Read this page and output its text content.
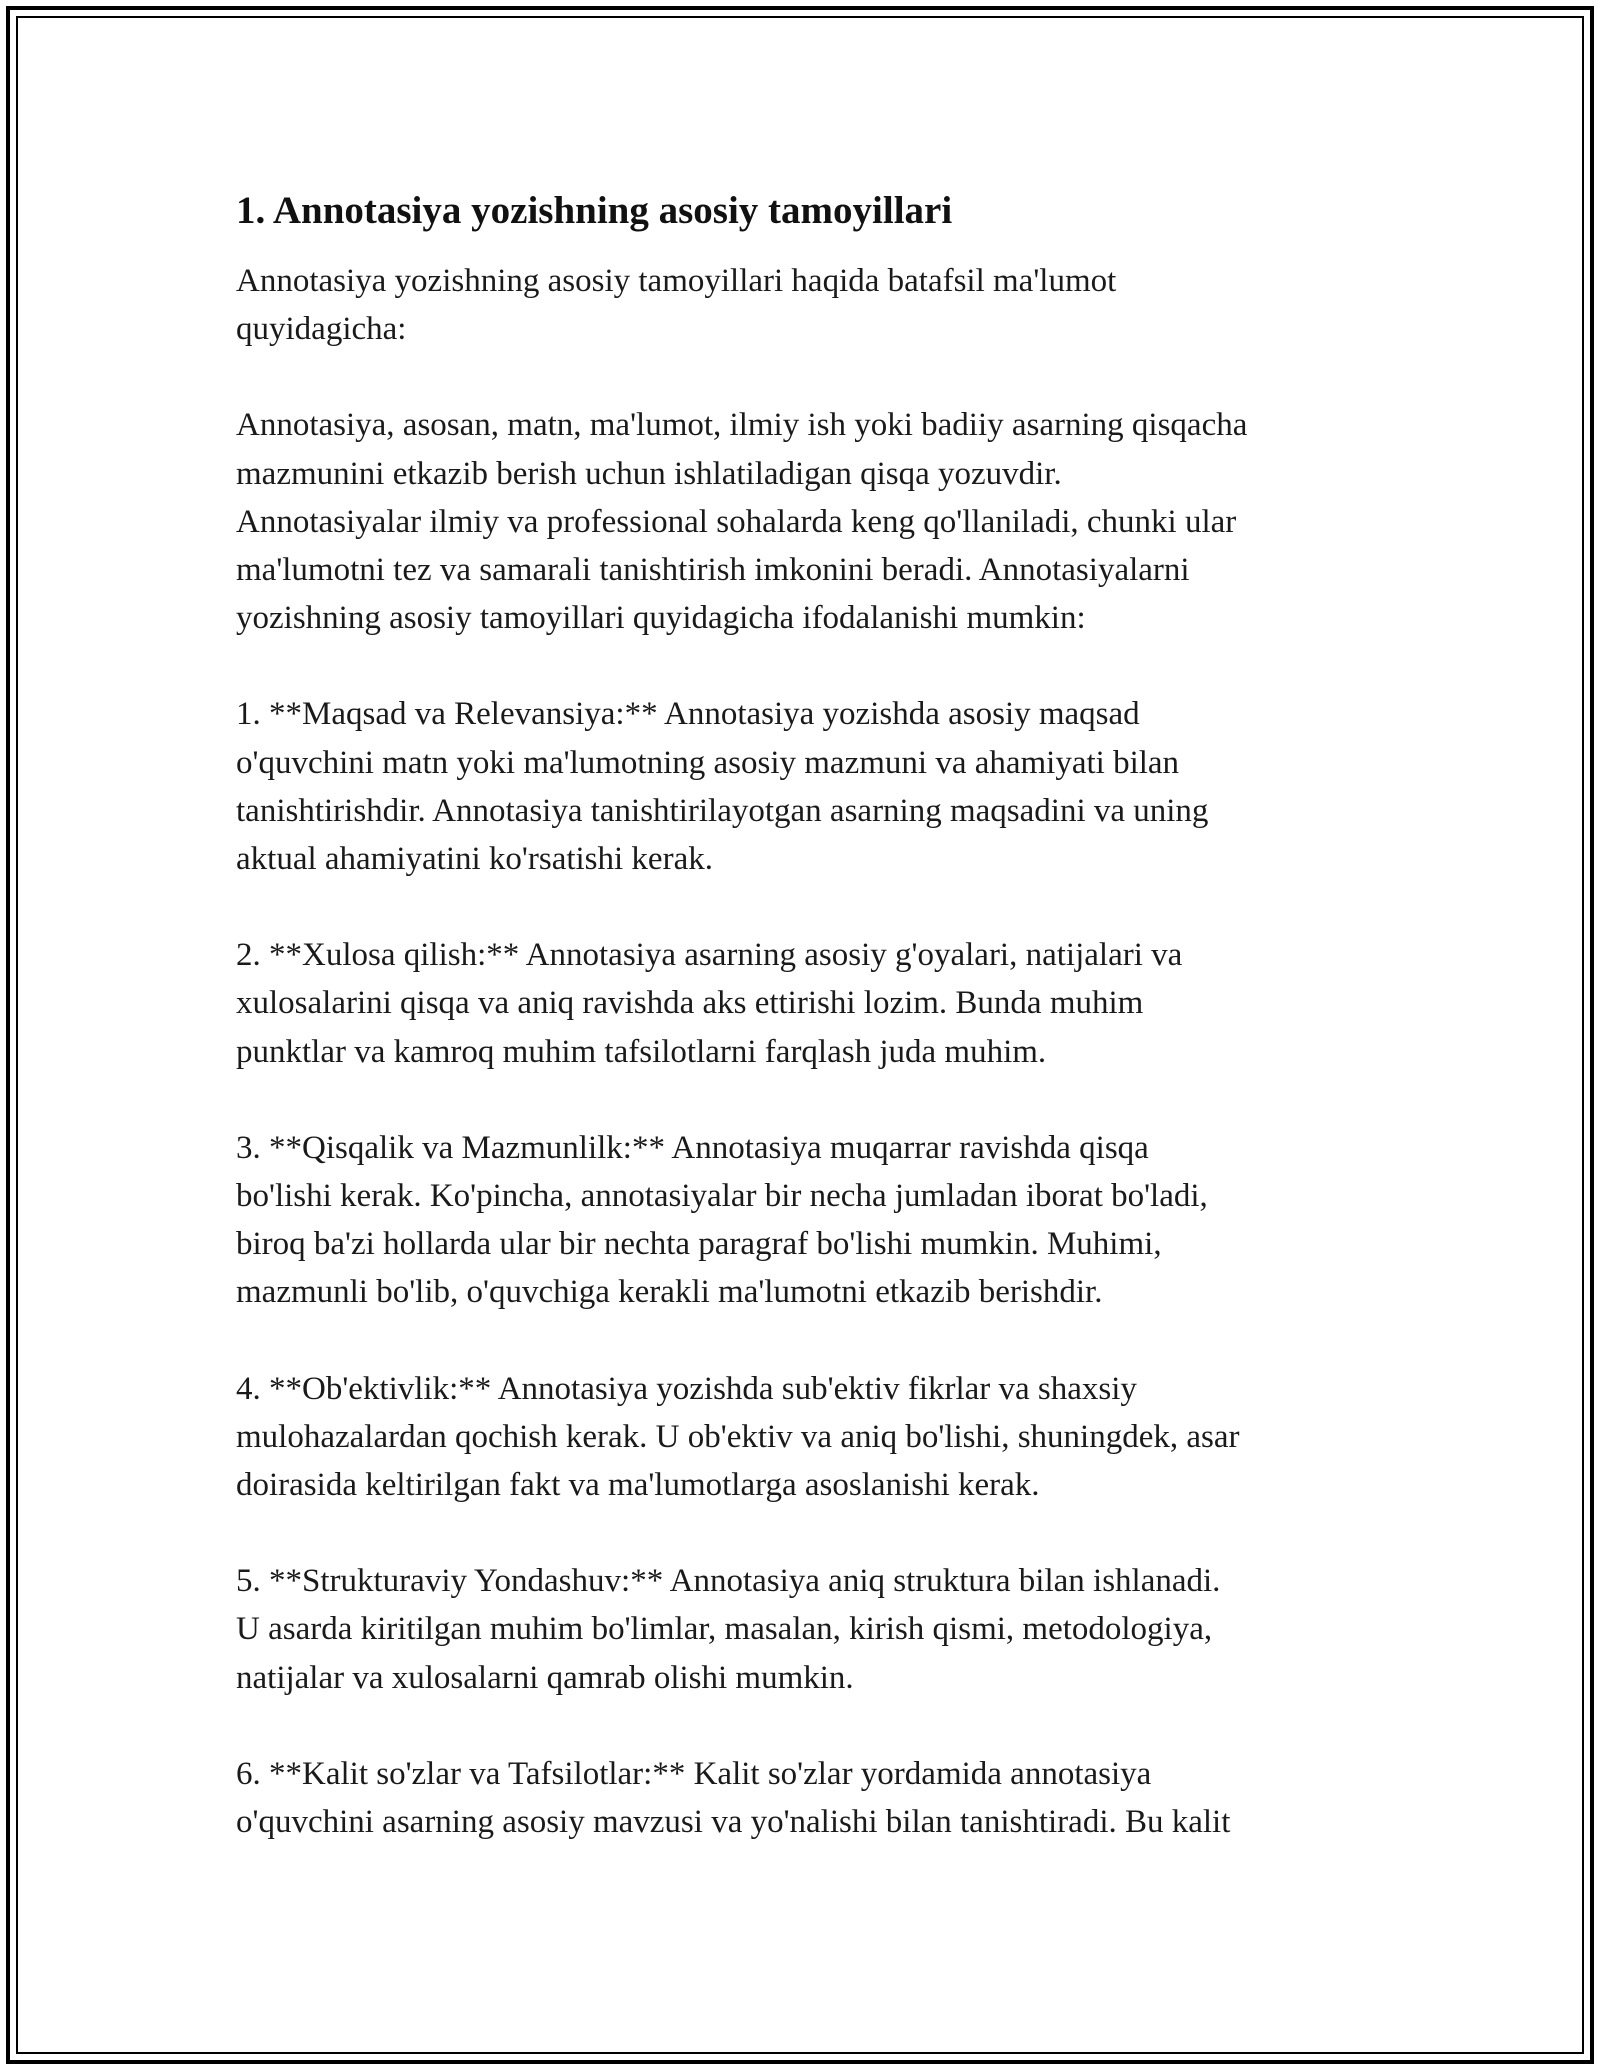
1. Annotasiya yozishning asosiy tamoyillari

Annotasiya yozishning asosiy tamoyillari haqida batafsil ma'lumot
quyidagicha:

Annotasiya, asosan, matn, ma'lumot, ilmiy ish yoki badiiy asarning qisqacha
mazmunini etkazib berish uchun ishlatiladigan qisqa yozuvdir.
Annotasiyalar ilmiy va professional sohalarda keng qo'llaniladi, chunki ular
ma'lumotni tez va samarali tanishtirish imkonini beradi. Annotasiyalarni
yozishning asosiy tamoyillari quyidagicha ifodalanishi mumkin:

1. **Maqsad va Relevansiya:** Annotasiya yozishda asosiy maqsad
o'quvchini matn yoki ma'lumotning asosiy mazmuni va ahamiyati bilan
tanishtirishdir. Annotasiya tanishtirilayotgan asarning maqsadini va uning
aktual ahamiyatini ko'rsatishi kerak.

2. **Xulosa qilish:** Annotasiya asarning asosiy g'oyalari, natijalari va
xulosalarini qisqa va aniq ravishda aks ettirishi lozim. Bunda muhim
punktlar va kamroq muhim tafsilotlarni farqlash juda muhim.

3. **Qisqalik va Mazmunlilk:** Annotasiya muqarrar ravishda qisqa
bo'lishi kerak. Ko'pincha, annotasiyalar bir necha jumladan iborat bo'ladi,
biroq ba'zi hollarda ular bir nechta paragraf bo'lishi mumkin. Muhimi,
mazmunli bo'lib, o'quvchiga kerakli ma'lumotni etkazib berishdir.

4. **Ob'ektivlik:** Annotasiya yozishda sub'ektiv fikrlar va shaxsiy
mulohazalardan qochish kerak. U ob'ektiv va aniq bo'lishi, shuningdek, asar
doirasida keltirilgan fakt va ma'lumotlarga asoslanishi kerak.

5. **Strukturaviy Yondashuv:** Annotasiya aniq struktura bilan ishlanadi.
U asarda kiritilgan muhim bo'limlar, masalan, kirish qismi, metodologiya,
natijalar va xulosalarni qamrab olishi mumkin.

6. **Kalit so'zlar va Tafsilotlar:** Kalit so'zlar yordamida annotasiya
o'quvchini asarning asosiy mavzusi va yo'nalishi bilan tanishtiradi. Bu kalit
